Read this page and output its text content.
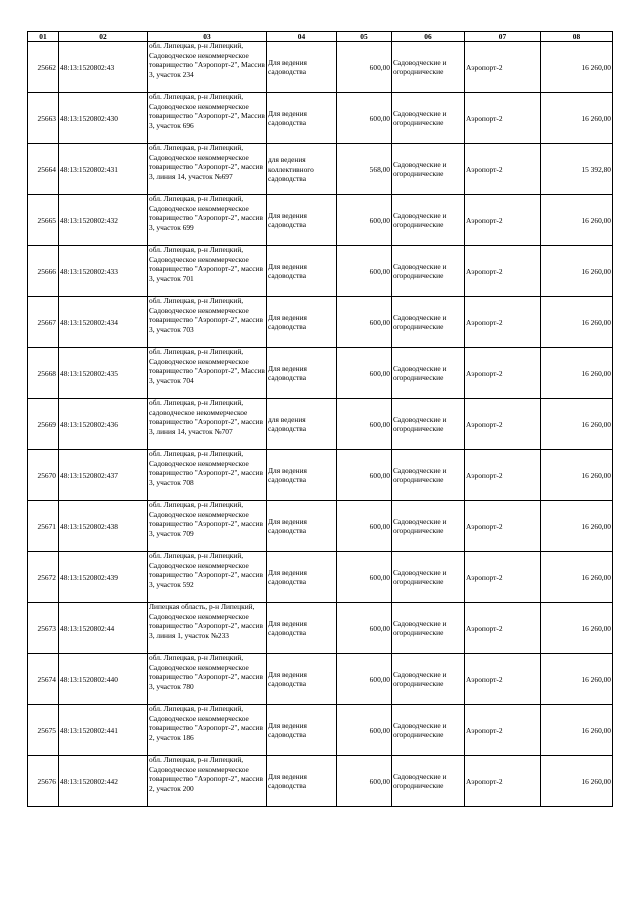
01	02	03	04	05	06	07	08
25662	48:13:1520802:43	обл. Липецкая, р-н Липецкий, Садоводческое некоммерческое товарищество "Аэропорт-2", Массив 3, участок 234	Для ведения садоводства	600,00	Садоводческие и огороднические	Аэропорт-2	16 260,00
25663	48:13:1520802:430	обл. Липецкая, р-н Липецкий, Садоводческое некоммерческое товарищество "Аэропорт-2", Массив 3, участок 696	Для ведения садоводства	600,00	Садоводческие и огороднические	Аэропорт-2	16 260,00
25664	48:13:1520802:431	обл. Липецкая, р-н Липецкий, Садоводческое некоммерческое товарищество "Аэропорт-2", массив 3, линия 14, участок №697	для ведения коллективного садоводства	568,00	Садоводческие и огороднические	Аэропорт-2	15 392,80
25665	48:13:1520802:432	обл. Липецкая, р-н Липецкий, Садоводческое некоммерческое товарищество "Аэропорт-2", массив 3, участок 699	Для ведения садоводства	600,00	Садоводческие и огороднические	Аэропорт-2	16 260,00
25666	48:13:1520802:433	обл. Липецкая, р-н Липецкий, Садоводческое некоммерческое товарищество "Аэропорт-2", массив 3, участок 701	Для ведения садоводства	600,00	Садоводческие и огороднические	Аэропорт-2	16 260,00
25667	48:13:1520802:434	обл. Липецкая, р-н Липецкий, Садоводческое некоммерческое товарищество "Аэропорт-2", массив 3, участок 703	Для ведения садоводства	600,00	Садоводческие и огороднические	Аэропорт-2	16 260,00
25668	48:13:1520802:435	обл. Липецкая, р-н Липецкий, Садоводческое некоммерческое товарищество "Аэропорт-2", Массив 3, участок 704	Для ведения садоводства	600,00	Садоводческие и огороднические	Аэропорт-2	16 260,00
25669	48:13:1520802:436	обл. Липецкая, р-н Липецкий, садоводческое некоммерческое товарищество "Аэропорт-2", массив 3, линия 14, участок №707	для ведения садоводства	600,00	Садоводческие и огороднические	Аэропорт-2	16 260,00
25670	48:13:1520802:437	обл. Липецкая, р-н Липецкий, Садоводческое некоммерческое товарищество "Аэропорт-2", массив 3, участок 708	Для ведения садоводства	600,00	Садоводческие и огороднические	Аэропорт-2	16 260,00
25671	48:13:1520802:438	обл. Липецкая, р-н Липецкий, Садоводческое некоммерческое товарищество "Аэропорт-2", массив 3, участок 709	Для ведения садоводства	600,00	Садоводческие и огороднические	Аэропорт-2	16 260,00
25672	48:13:1520802:439	обл. Липецкая, р-н Липецкий, Садоводческое некоммерческое товарищество "Аэропорт-2", массив 3, участок 592	Для ведения садоводства	600,00	Садоводческие и огороднические	Аэропорт-2	16 260,00
25673	48:13:1520802:44	Липецкая область, р-н Липецкий, Садоводческое некоммерческое товарищество "Аэропорт-2", массив 3, линия 1, участок №233	Для ведения садоводства	600,00	Садоводческие и огороднические	Аэропорт-2	16 260,00
25674	48:13:1520802:440	обл. Липецкая, р-н Липецкий, Садоводческое некоммерческое товарищество "Аэропорт-2", массив 3, участок 780	Для ведения садоводства	600,00	Садоводческие и огороднические	Аэропорт-2	16 260,00
25675	48:13:1520802:441	обл. Липецкая, р-н Липецкий, Садоводческое некоммерческое товарищество "Аэропорт-2", массив 2, участок 186	Для ведения садоводства	600,00	Садоводческие и огороднические	Аэропорт-2	16 260,00
25676	48:13:1520802:442	обл. Липецкая, р-н Липецкий, Садоводческое некоммерческое товарищество "Аэропорт-2", массив 2, участок 200	Для ведения садоводства	600,00	Садоводческие и огороднические	Аэропорт-2	16 260,00
